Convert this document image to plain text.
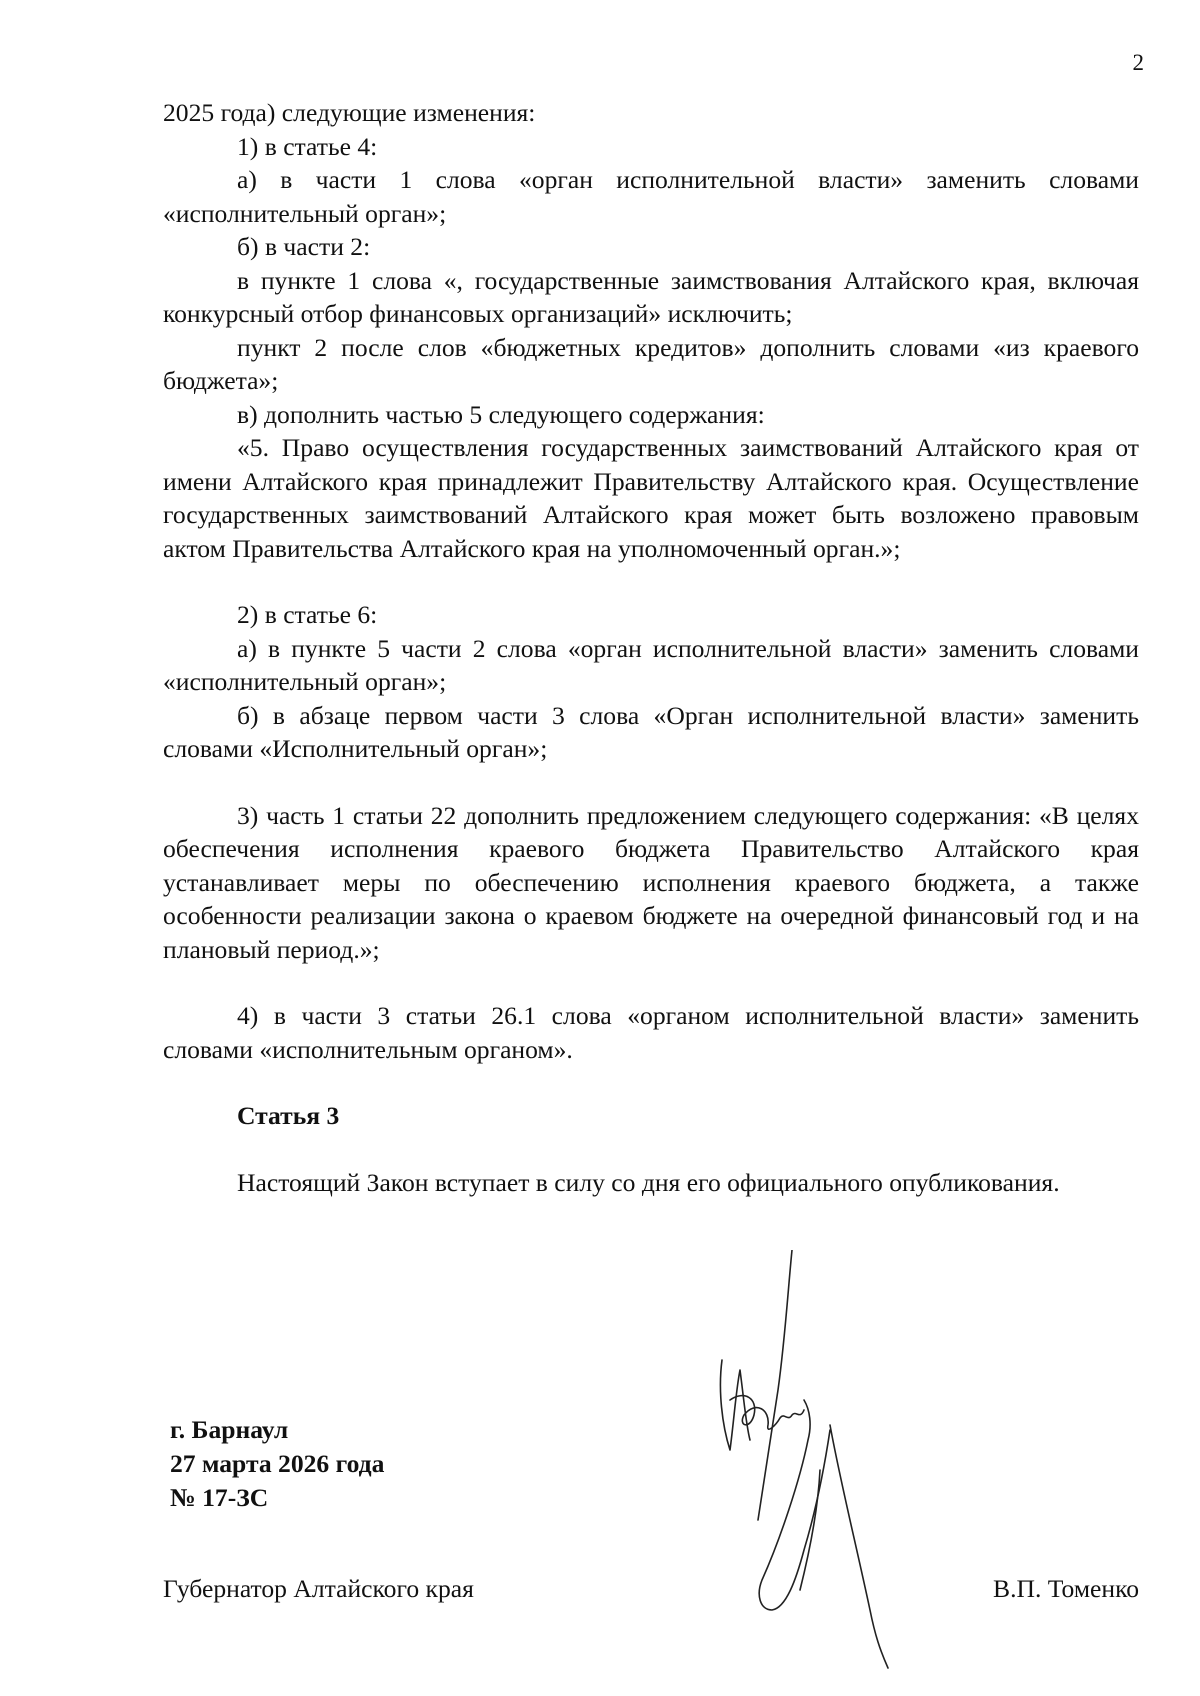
2

2025 года) следующие изменения:

1) в статье 4:

а) в части 1 слова «орган исполнительной власти» заменить словами «исполнительный орган»;

б) в части 2:

в пункте 1 слова «, государственные заимствования Алтайского края, включая конкурсный отбор финансовых организаций» исключить;

пункт 2 после слов «бюджетных кредитов» дополнить словами «из краевого бюджета»;

в) дополнить частью 5 следующего содержания:

«5. Право осуществления государственных заимствований Алтайского края от имени Алтайского края принадлежит Правительству Алтайского края. Осуществление государственных заимствований Алтайского края может быть возложено правовым актом Правительства Алтайского края на уполномоченный орган.»;

2) в статье 6:

а) в пункте 5 части 2 слова «орган исполнительной власти» заменить словами «исполнительный орган»;

б) в абзаце первом части 3 слова «Орган исполнительной власти» заменить словами «Исполнительный орган»;

3) часть 1 статьи 22 дополнить предложением следующего содержания: «В целях обеспечения исполнения краевого бюджета Правительство Алтайского края устанавливает меры по обеспечению исполнения краевого бюджета, а также особенности реализации закона о краевом бюджете на очередной финансовый год и на плановый период.»;

4) в части 3 статьи 26.1 слова «органом исполнительной власти» заменить словами «исполнительным органом».

Статья 3

Настоящий Закон вступает в силу со дня его официального опубликования.

Губернатор Алтайского края	В.П. Томенко
г. Барнаул
27 марта 2026 года
№ 17-ЗС
